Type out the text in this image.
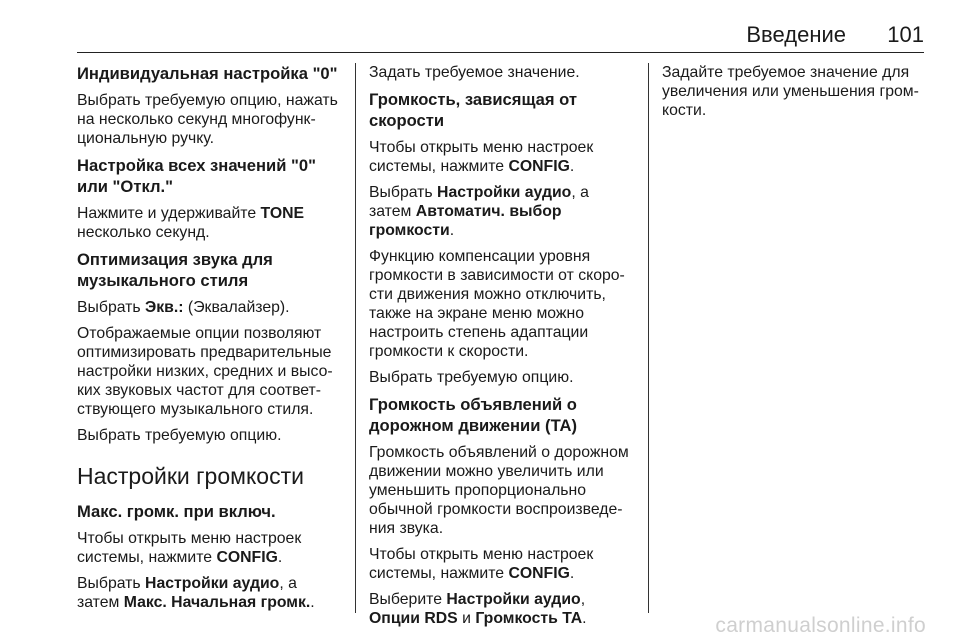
Введение 101
Индивидуальная настройка "0"

Выбрать требуемую опцию, нажать на несколько секунд многофунк- циональную ручку.

Настройка всех значений "0" или "Откл."

Нажмите и удерживайте TONE несколько секунд.

Оптимизация звука для музыкального стиля

Выбрать Экв.: (Эквалайзер).

Отображаемые опции позволяют оптимизировать предварительные настройки низких, средних и высо- ких звуковых частот для соответ- ствующего музыкального стиля.

Выбрать требуемую опцию.

Настройки громкости
Макс. громк. при включ.

Чтобы открыть меню настроек системы, нажмите CONFIG.

Выбрать Настройки аудио, а затем Макс. Начальная громк..

Задать требуемое значение.

Громкость, зависящая от скорости

Чтобы открыть меню настроек системы, нажмите CONFIG.

Выбрать Настройки аудио, а затем Автоматич. выбор громкости.

Функцию компенсации уровня громкости в зависимости от скоро- сти движения можно отключить, также на экране меню можно настроить степень адаптации громкости к скорости.

Выбрать требуемую опцию.

Громкость объявлений о дорожном движении (TA)

Громкость объявлений о дорожном движении можно увеличить или уменьшить пропорционально обычной громкости воспроизведе- ния звука.

Чтобы открыть меню настроек системы, нажмите CONFIG.

Выберите Настройки аудио, Опции RDS и Громкость TA.

Задайте требуемое значение для увеличения или уменьшения гром- кости.

carmanualsonline.info
